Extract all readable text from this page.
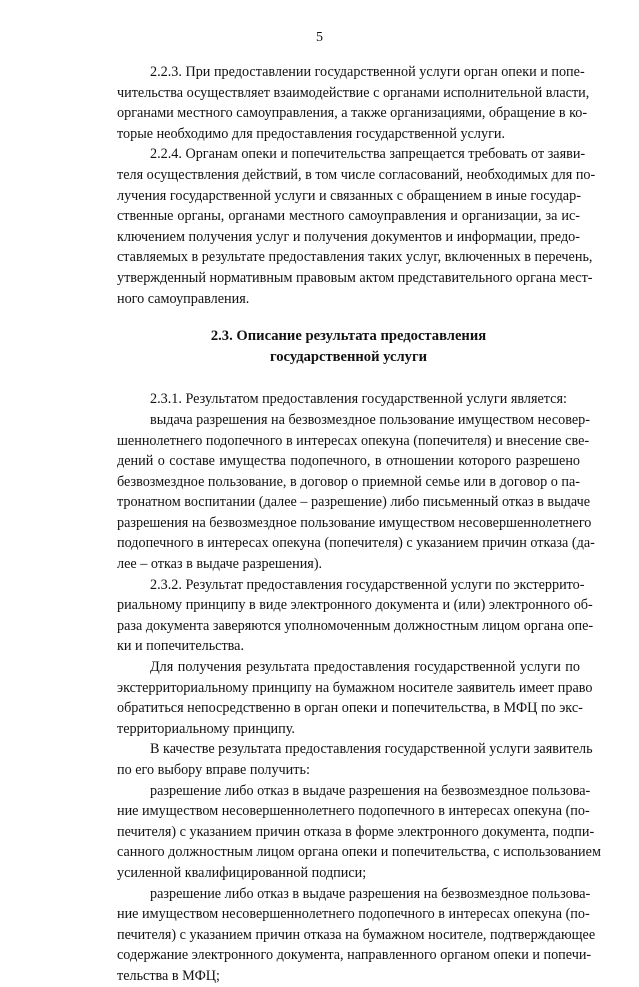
5
2.2.3. При предоставлении государственной услуги орган опеки и попе-
чительства осуществляет взаимодействие с органами исполнительной власти,
органами местного самоуправления, а также организациями, обращение в ко-
торые необходимо для предоставления государственной услуги.
2.2.4. Органам опеки и попечительства запрещается требовать от заяви-
теля осуществления действий, в том числе согласований, необходимых для по-
лучения государственной услуги и связанных с обращением в иные государ-
ственные органы, органами местного самоуправления и организации, за ис-
ключением получения услуг и получения документов и информации, предо-
ставляемых в результате предоставления таких услуг, включенных в перечень,
утвержденный нормативным правовым актом представительного органа мест-
ного самоуправления.
2.3. Описание результата предоставления
государственной услуги
2.3.1. Результатом предоставления государственной услуги является:
выдача разрешения на безвозмездное пользование имуществом несовер-
шеннолетнего подопечного в интересах опекуна (попечителя) и внесение све-
дений о составе имущества подопечного, в отношении которого разрешено
безвозмездное пользование, в договор о приемной семье или в договор о па-
тронатном воспитании (далее – разрешение) либо письменный отказ в выдаче
разрешения на безвозмездное пользование имуществом несовершеннолетнего
подопечного в интересах опекуна (попечителя) с указанием причин отказа (да-
лее – отказ в выдаче разрешения).
2.3.2. Результат предоставления государственной услуги по экстеррито-
риальному принципу в виде электронного документа и (или) электронного об-
раза документа заверяются уполномоченным должностным лицом органа опе-
ки и попечительства.
Для получения результата предоставления государственной услуги по
экстерриториальному принципу на бумажном носителе заявитель имеет право
обратиться непосредственно в орган опеки и попечительства, в МФЦ по экс-
территориальному принципу.
В качестве результата предоставления государственной услуги заявитель
по его выбору вправе получить:
разрешение либо отказ в выдаче разрешения на безвозмездное пользова-
ние имуществом несовершеннолетнего подопечного в интересах опекуна (по-
печителя) с указанием причин отказа в форме электронного документа, подпи-
санного должностным лицом органа опеки и попечительства, с использованием
усиленной квалифицированной подписи;
разрешение либо отказ в выдаче разрешения на безвозмездное пользова-
ние имуществом несовершеннолетнего подопечного в интересах опекуна (по-
печителя) с указанием причин отказа на бумажном носителе, подтверждающее
содержание электронного документа, направленного органом опеки и попечи-
тельства в МФЦ;
